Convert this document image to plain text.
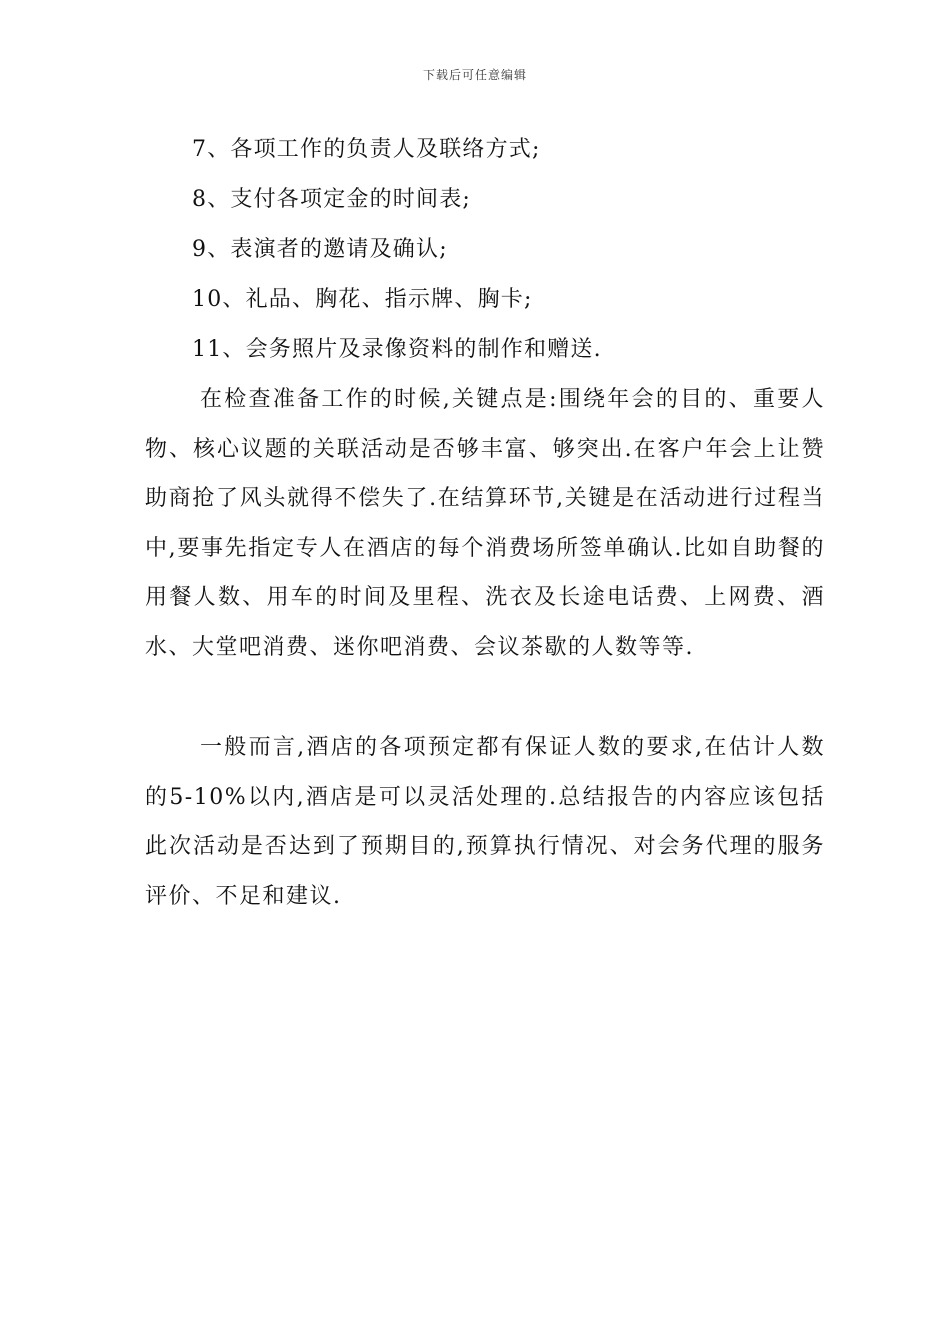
下载后可任意编辑
7、各项工作的负责人及联络方式;
8、支付各项定金的时间表;
9、表演者的邀请及确认;
10、礼品、胸花、指示牌、胸卡;
11、会务照片及录像资料的制作和赠送.

在检查准备工作的时候,关键点是:围绕年会的目的、重要人物、核心议题的关联活动是否够丰富、够突出.在客户年会上让赞助商抢了风头就得不偿失了.在结算环节,关键是在活动进行过程当中,要事先指定专人在酒店的每个消费场所签单确认.比如自助餐的用餐人数、用车的时间及里程、洗衣及长途电话费、上网费、酒水、大堂吧消费、迷你吧消费、会议茶歇的人数等等.

一般而言,酒店的各项预定都有保证人数的要求,在估计人数的5-10%以内,酒店是可以灵活处理的.总结报告的内容应该包括此次活动是否达到了预期目的,预算执行情况、对会务代理的服务评价、不足和建议.
